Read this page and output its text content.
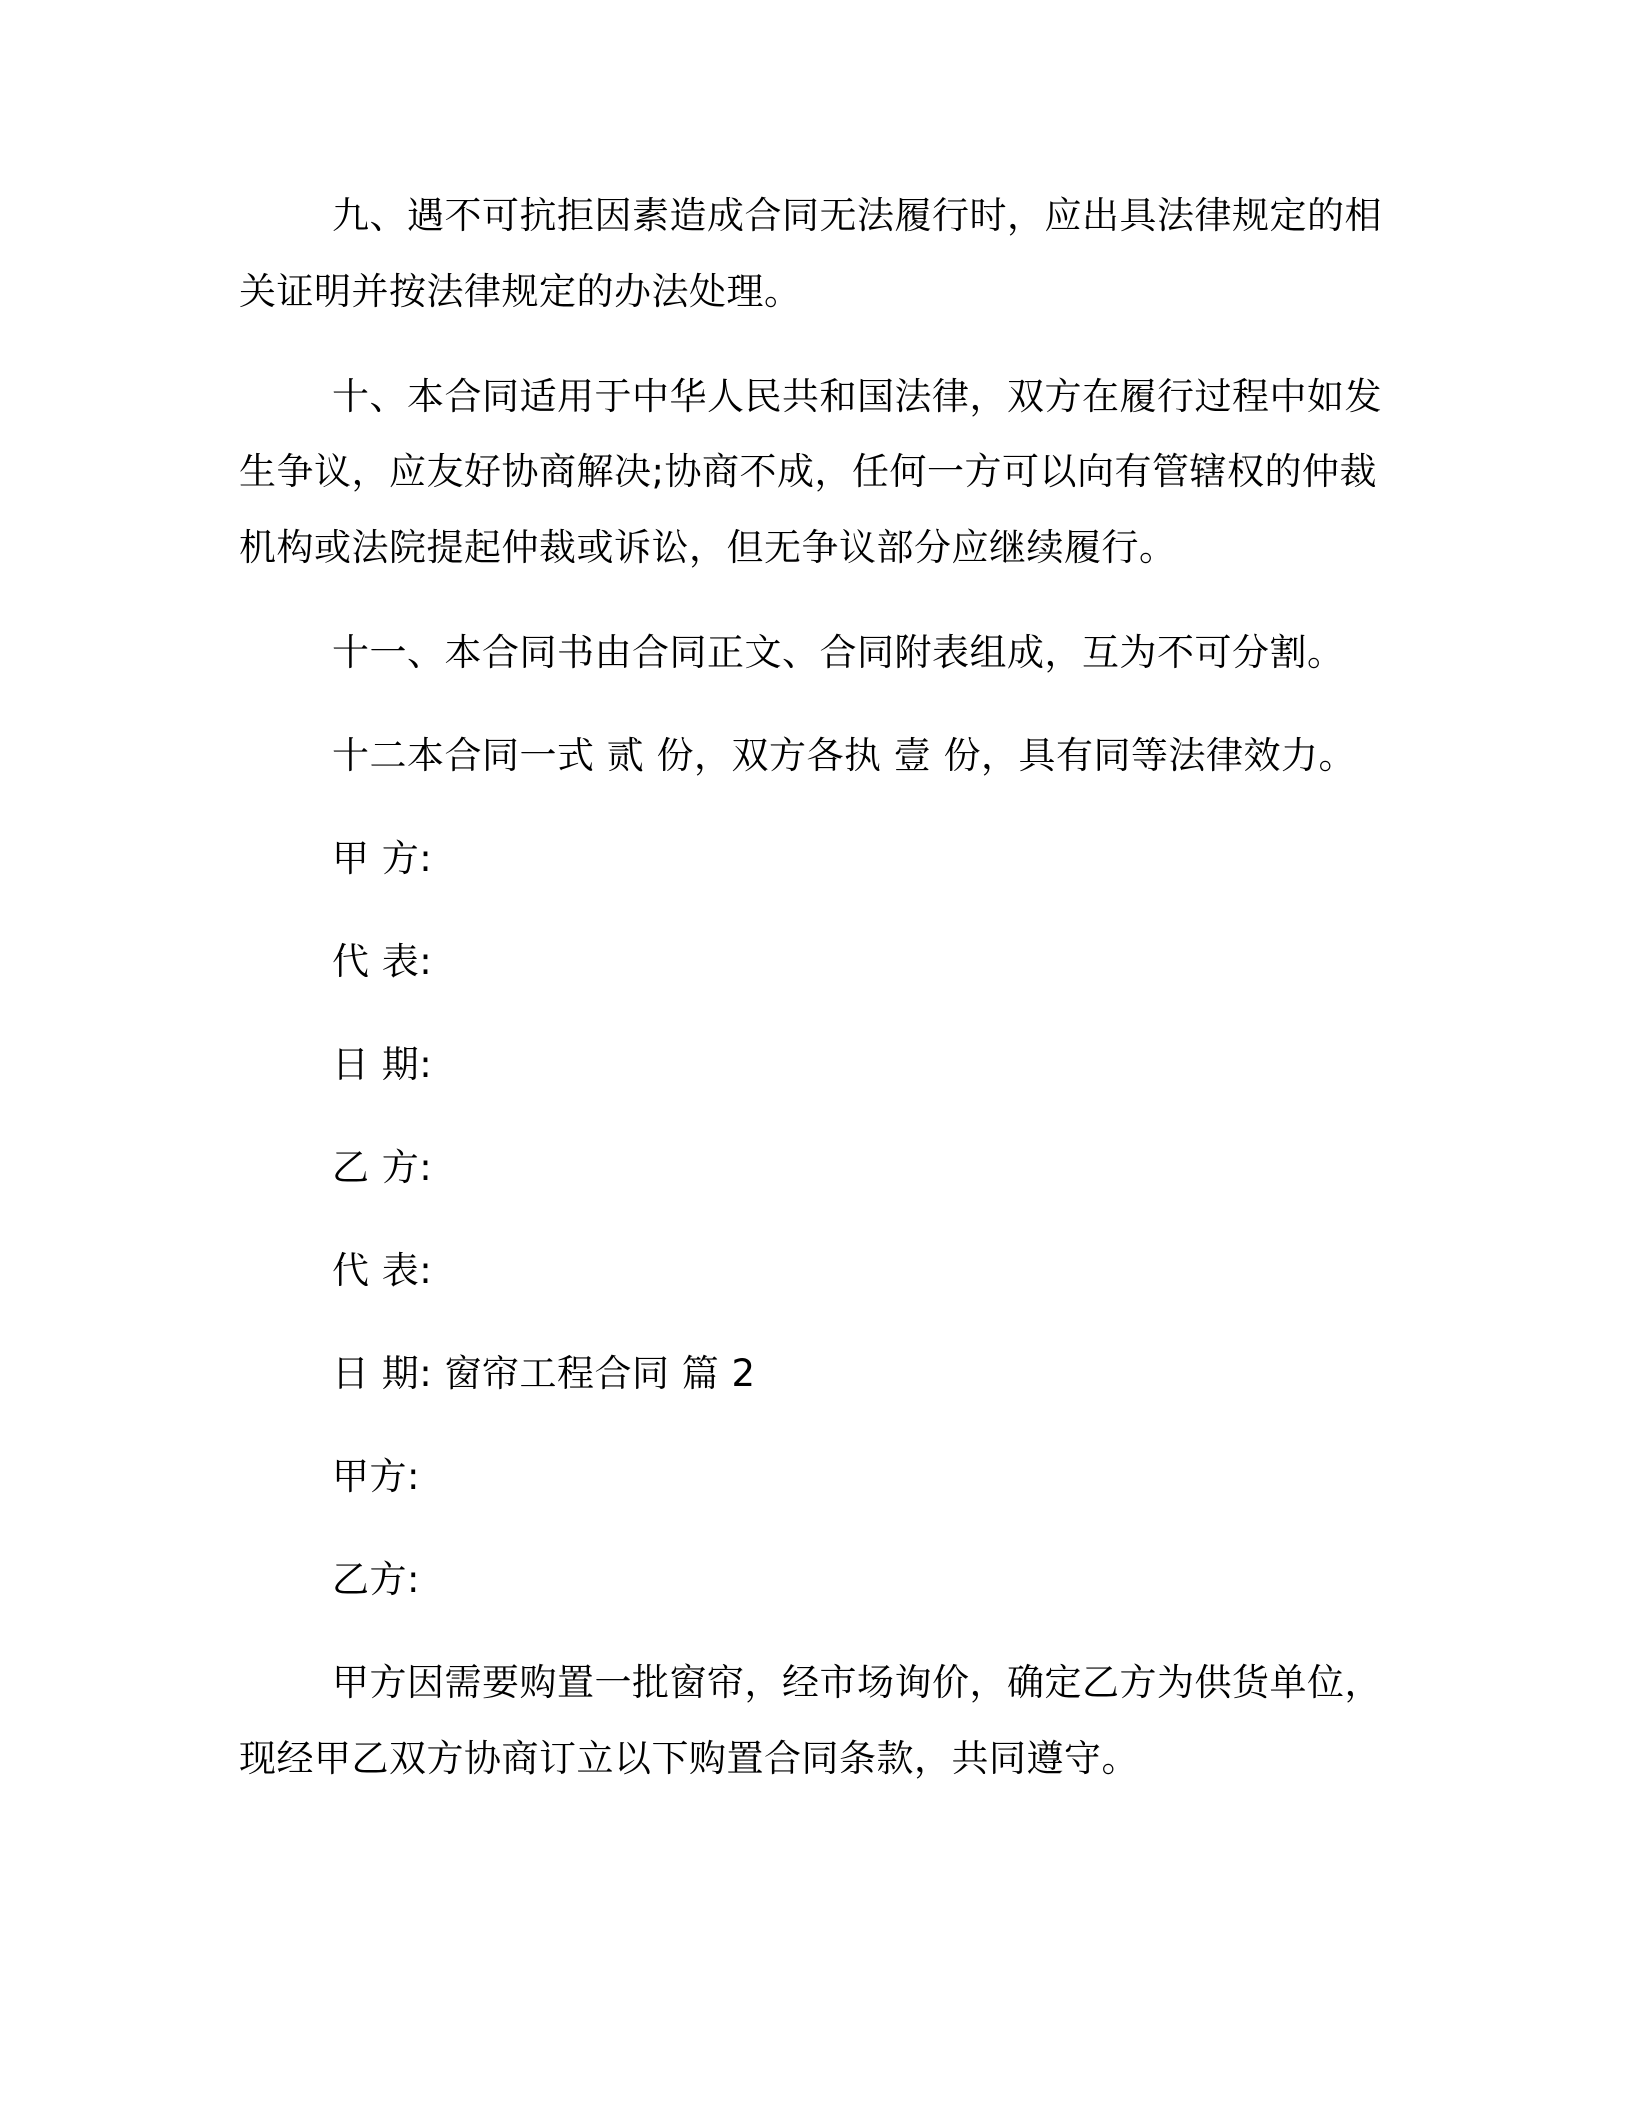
九、遇不可抗拒因素造成合同无法履行时，应出具法律规定的相
关证明并按法律规定的办法处理。
十、本合同适用于中华人民共和国法律，双方在履行过程中如发
生争议，应友好协商解决;协商不成，任何一方可以向有管辖权的仲裁
机构或法院提起仲裁或诉讼，但无争议部分应继续履行。
十一、本合同书由合同正文、合同附表组成，互为不可分割。
十二本合同一式 贰 份，双方各执 壹 份，具有同等法律效力。
甲 方:
代 表:
日 期:
乙 方:
代 表:
日 期: 窗帘工程合同 篇 2
甲方:
乙方:
甲方因需要购置一批窗帘，经市场询价，确定乙方为供货单位，
现经甲乙双方协商订立以下购置合同条款，共同遵守。
